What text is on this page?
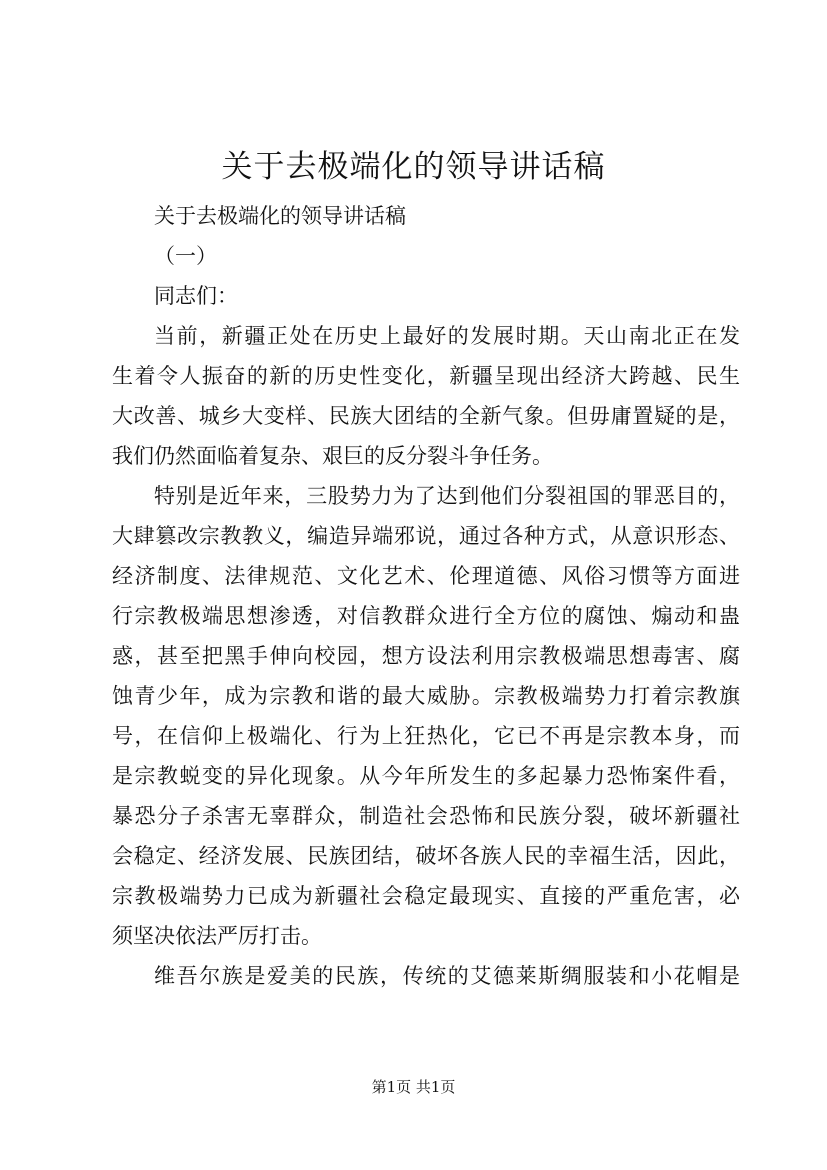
关于去极端化的领导讲话稿
关于去极端化的领导讲话稿
（一）
同志们：
当前，新疆正处在历史上最好的发展时期。天山南北正在发
生着令人振奋的新的历史性变化，新疆呈现出经济大跨越、民生
大改善、城乡大变样、民族大团结的全新气象。但毋庸置疑的是，
我们仍然面临着复杂、艰巨的反分裂斗争任务。
特别是近年来，三股势力为了达到他们分裂祖国的罪恶目的，
大肆篡改宗教教义，编造异端邪说，通过各种方式，从意识形态、
经济制度、法律规范、文化艺术、伦理道德、风俗习惯等方面进
行宗教极端思想渗透，对信教群众进行全方位的腐蚀、煽动和蛊
惑，甚至把黑手伸向校园，想方设法利用宗教极端思想毒害、腐
蚀青少年，成为宗教和谐的最大威胁。宗教极端势力打着宗教旗
号，在信仰上极端化、行为上狂热化，它已不再是宗教本身，而
是宗教蜕变的异化现象。从今年所发生的多起暴力恐怖案件看，
暴恐分子杀害无辜群众，制造社会恐怖和民族分裂，破坏新疆社
会稳定、经济发展、民族团结，破坏各族人民的幸福生活，因此，
宗教极端势力已成为新疆社会稳定最现实、直接的严重危害，必
须坚决依法严厉打击。
维吾尔族是爱美的民族，传统的艾德莱斯绸服装和小花帽是
第1页 共1页
